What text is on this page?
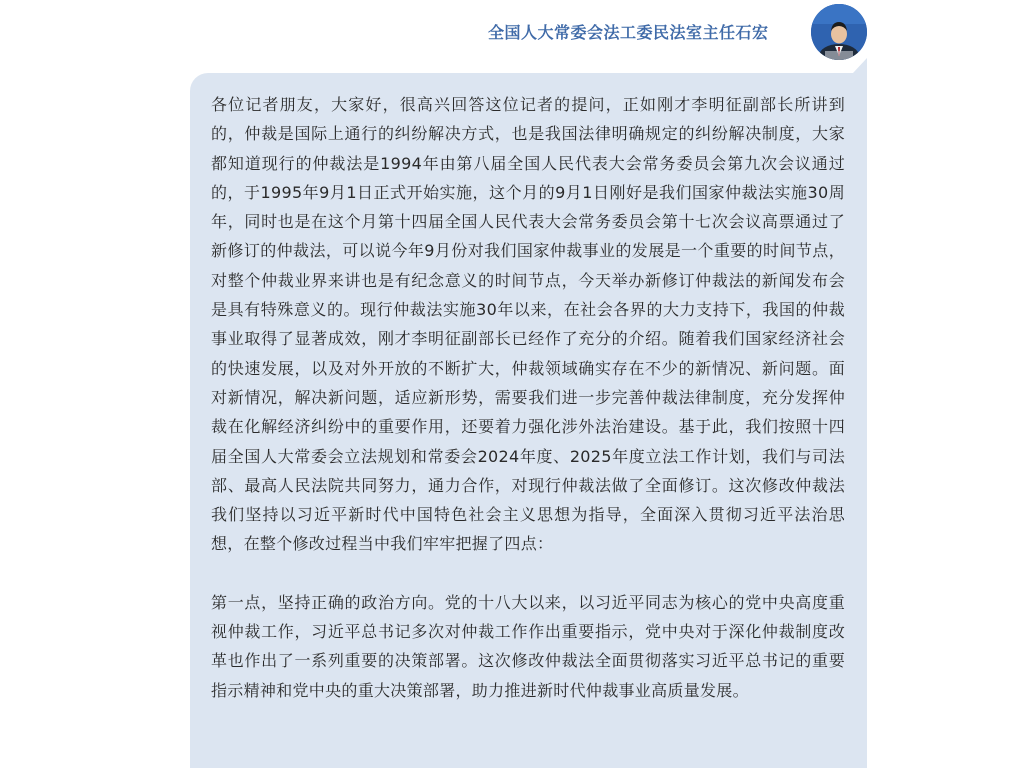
全国人大常委会法工委民法室主任石宏

各位记者朋友，大家好，很高兴回答这位记者的提问，正如刚才李明征副部长所讲到的，仲裁是国际上通行的纠纷解决方式，也是我国法律明确规定的纠纷解决制度，大家都知道现行的仲裁法是1994年由第八届全国人民代表大会常务委员会第九次会议通过的，于1995年9月1日正式开始实施，这个月的9月1日刚好是我们国家仲裁法实施30周年，同时也是在这个月第十四届全国人民代表大会常务委员会第十七次会议高票通过了新修订的仲裁法，可以说今年9月份对我们国家仲裁事业的发展是一个重要的时间节点，对整个仲裁业界来讲也是有纪念意义的时间节点，今天举办新修订仲裁法的新闻发布会是具有特殊意义的。现行仲裁法实施30年以来，在社会各界的大力支持下，我国的仲裁事业取得了显著成效，刚才李明征副部长已经作了充分的介绍。随着我们国家经济社会的快速发展，以及对外开放的不断扩大，仲裁领域确实存在不少的新情况、新问题。面对新情况，解决新问题，适应新形势，需要我们进一步完善仲裁法律制度，充分发挥仲裁在化解经济纠纷中的重要作用，还要着力强化涉外法治建设。基于此，我们按照十四届全国人大常委会立法规划和常委会2024年度、2025年度立法工作计划，我们与司法部、最高人民法院共同努力，通力合作，对现行仲裁法做了全面修订。这次修改仲裁法我们坚持以习近平新时代中国特色社会主义思想为指导，全面深入贯彻习近平法治思想，在整个修改过程当中我们牢牢把握了四点：

第一点，坚持正确的政治方向。党的十八大以来，以习近平同志为核心的党中央高度重视仲裁工作，习近平总书记多次对仲裁工作作出重要指示，党中央对于深化仲裁制度改革也作出了一系列重要的决策部署。这次修改仲裁法全面贯彻落实习近平总书记的重要指示精神和党中央的重大决策部署，助力推进新时代仲裁事业高质量发展。
